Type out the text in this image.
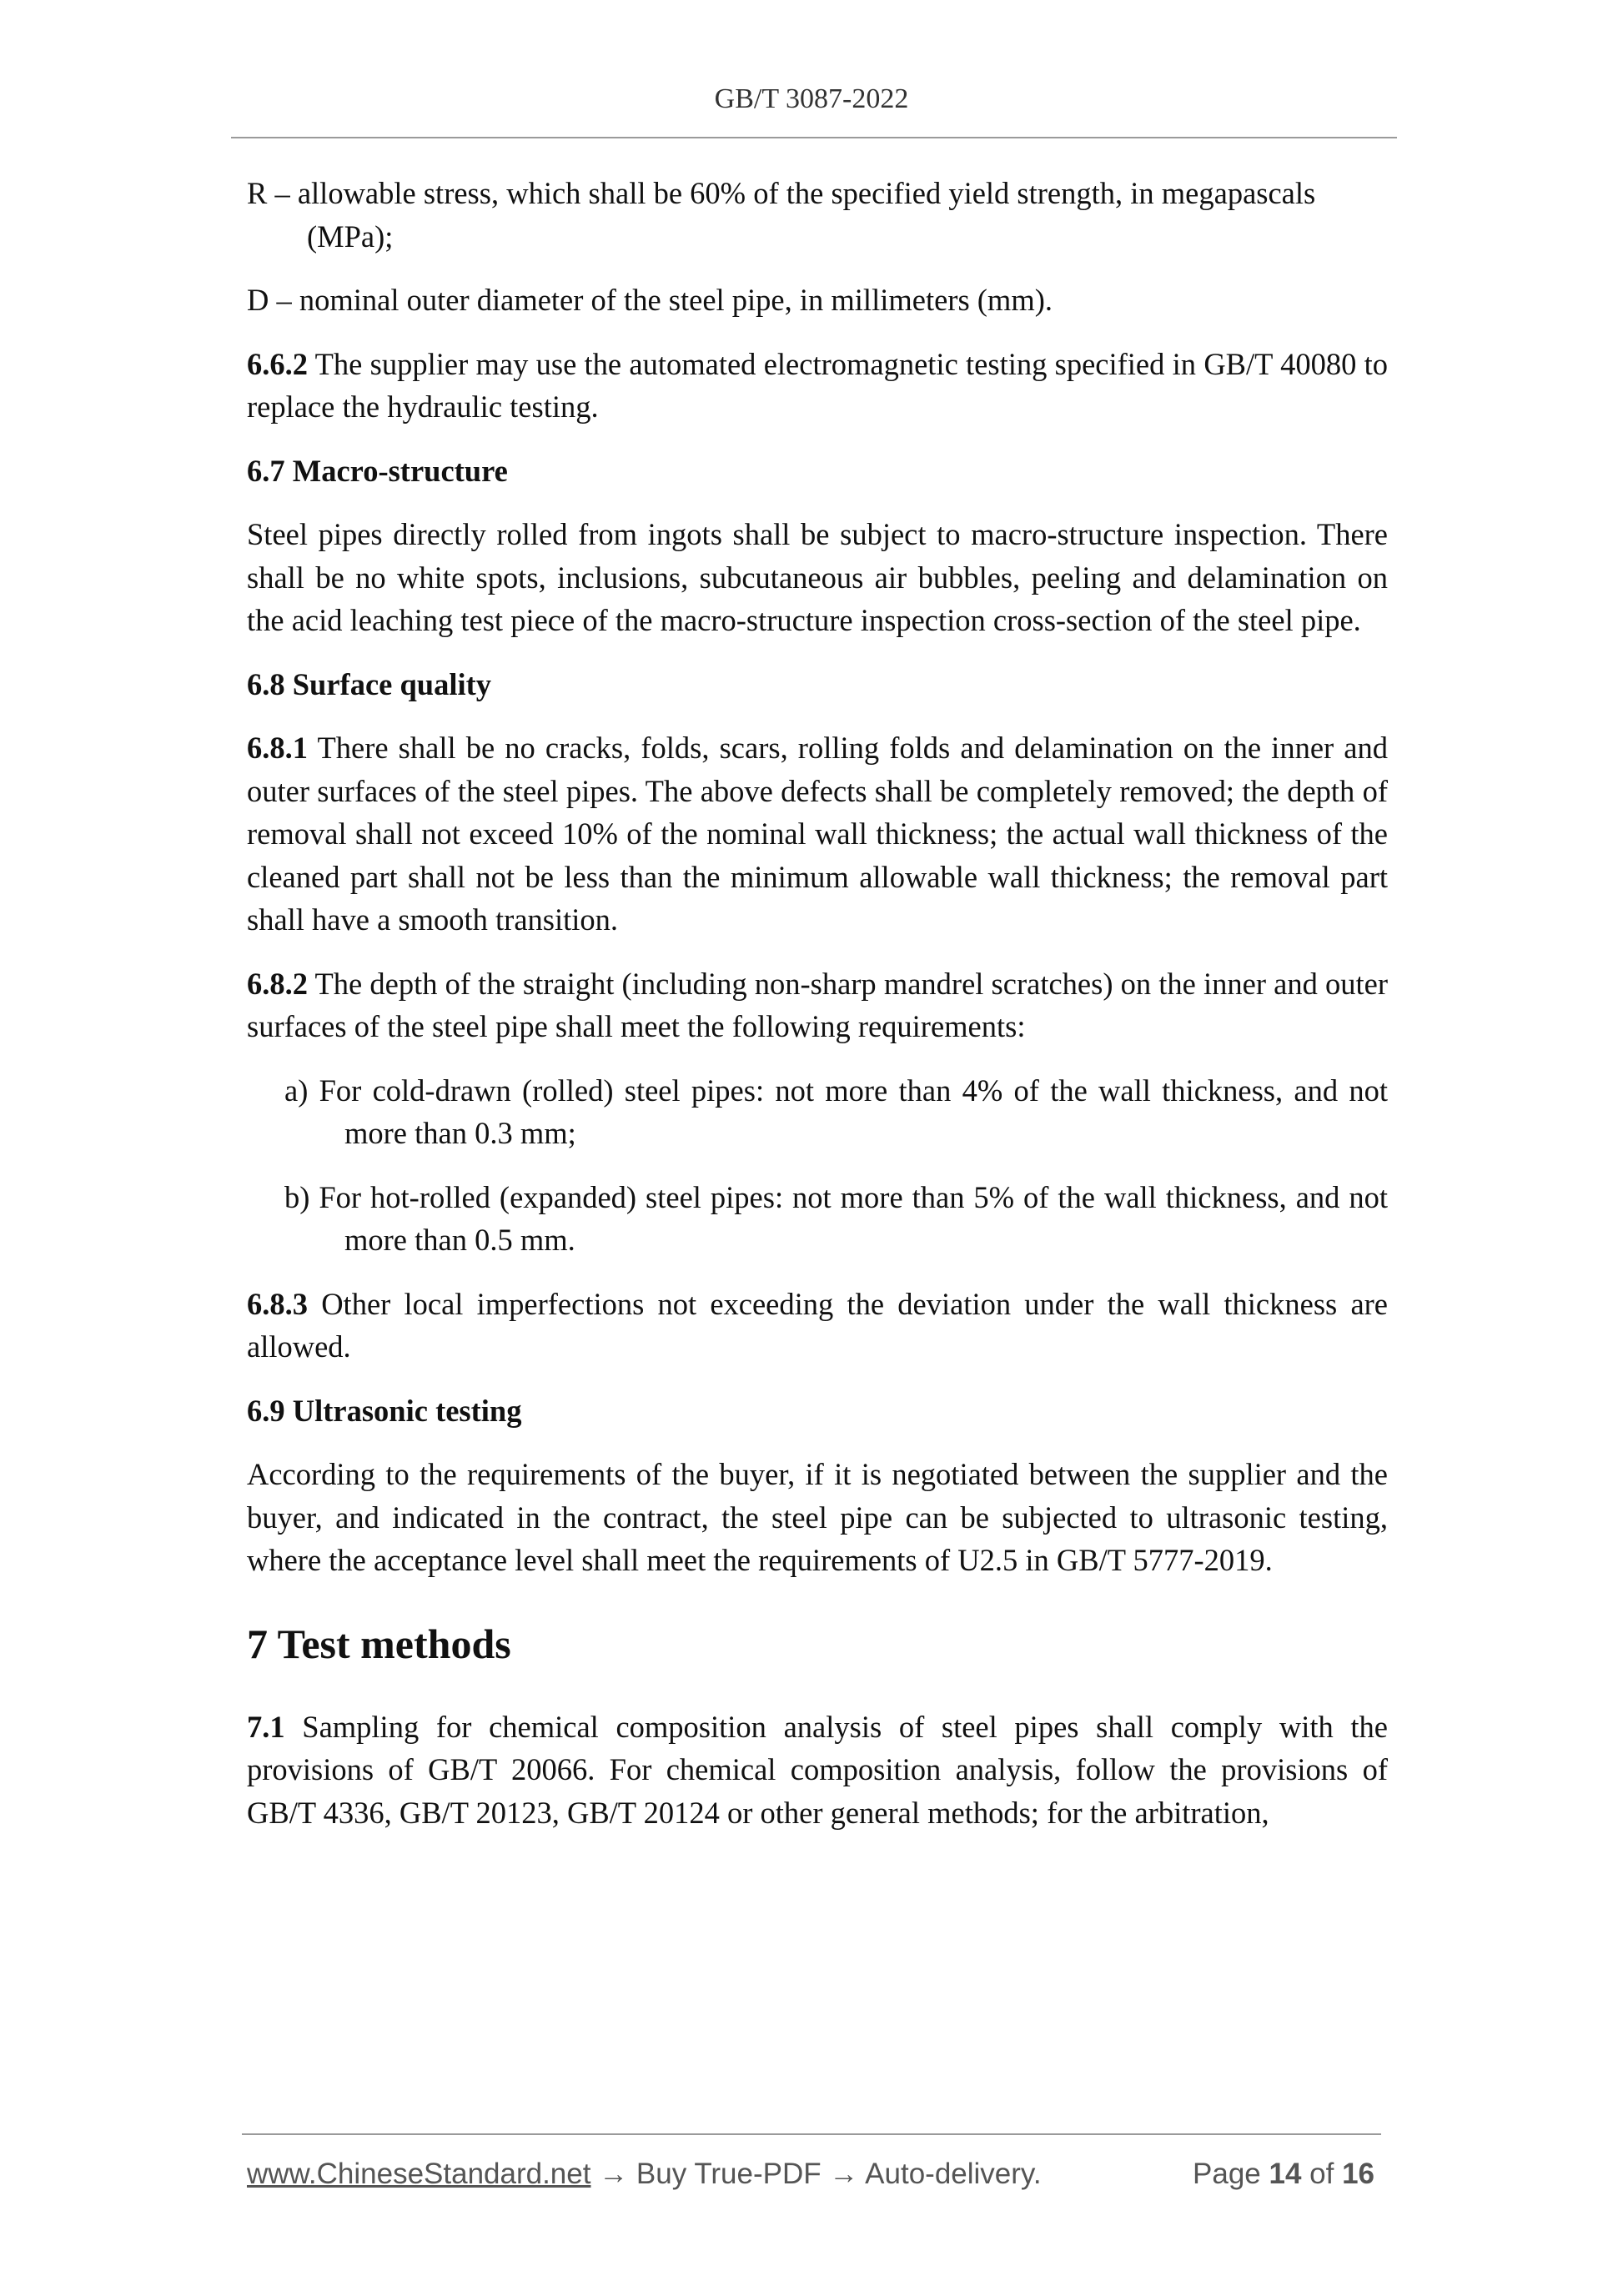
GB/T 3087-2022

R – allowable stress, which shall be 60% of the specified yield strength, in megapascals (MPa);

D – nominal outer diameter of the steel pipe, in millimeters (mm).

6.6.2 The supplier may use the automated electromagnetic testing specified in GB/T 40080 to replace the hydraulic testing.

6.7 Macro-structure

Steel pipes directly rolled from ingots shall be subject to macro-structure inspection. There shall be no white spots, inclusions, subcutaneous air bubbles, peeling and delamination on the acid leaching test piece of the macro-structure inspection cross-section of the steel pipe.

6.8 Surface quality

6.8.1 There shall be no cracks, folds, scars, rolling folds and delamination on the inner and outer surfaces of the steel pipes. The above defects shall be completely removed; the depth of removal shall not exceed 10% of the nominal wall thickness; the actual wall thickness of the cleaned part shall not be less than the minimum allowable wall thickness; the removal part shall have a smooth transition.

6.8.2 The depth of the straight (including non-sharp mandrel scratches) on the inner and outer surfaces of the steel pipe shall meet the following requirements:

a) For cold-drawn (rolled) steel pipes: not more than 4% of the wall thickness, and not more than 0.3 mm;

b) For hot-rolled (expanded) steel pipes: not more than 5% of the wall thickness, and not more than 0.5 mm.

6.8.3 Other local imperfections not exceeding the deviation under the wall thickness are allowed.

6.9 Ultrasonic testing

According to the requirements of the buyer, if it is negotiated between the supplier and the buyer, and indicated in the contract, the steel pipe can be subjected to ultrasonic testing, where the acceptance level shall meet the requirements of U2.5 in GB/T 5777-2019.

7 Test methods

7.1 Sampling for chemical composition analysis of steel pipes shall comply with the provisions of GB/T 20066. For chemical composition analysis, follow the provisions of GB/T 4336, GB/T 20123, GB/T 20124 or other general methods; for the arbitration,

www.ChineseStandard.net → Buy True-PDF → Auto-delivery.	Page 14 of 16
